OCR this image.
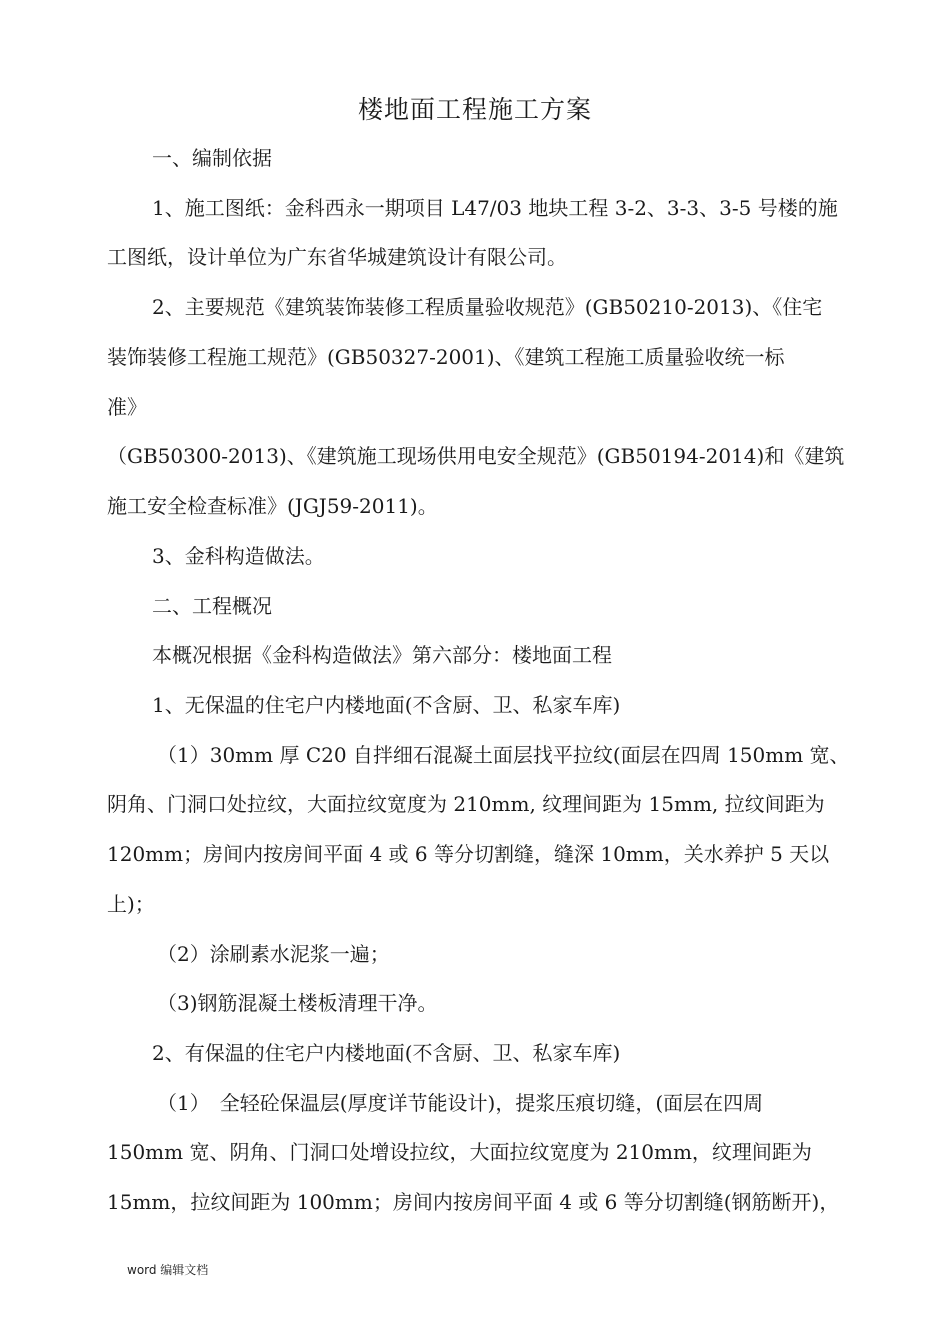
楼地面工程施工方案
一、编制依据
1、施工图纸：金科西永一期项目 L47/03 地块工程 3-2、3-3、3-5 号楼的施
工图纸，设计单位为广东省华城建筑设计有限公司。
2、主要规范《建筑装饰装修工程质量验收规范》(GB50210-2013)、《住宅
装饰装修工程施工规范》(GB50327-2001)、《建筑工程施工质量验收统一标
准》
（GB50300-2013)、《建筑施工现场供用电安全规范》(GB50194-2014)和《建筑
施工安全检查标准》(JGJ59-2011)。
3、金科构造做法。
二、工程概况
本概况根据《金科构造做法》第六部分：楼地面工程
1、无保温的住宅户内楼地面(不含厨、卫、私家车库)
（1）30mm 厚 C20 自拌细石混凝土面层找平拉纹(面层在四周 150mm 宽、
阴角、门洞口处拉纹，大面拉纹宽度为 210mm, 纹理间距为 15mm, 拉纹间距为
120mm；房间内按房间平面 4 或 6 等分切割缝，缝深 10mm，关水养护 5 天以
上)；
（2）涂刷素水泥浆一遍；
（3)钢筋混凝土楼板清理干净。
2、有保温的住宅户内楼地面(不含厨、卫、私家车库)
（1）　全轻砼保温层(厚度详节能设计)，提浆压痕切缝，(面层在四周
150mm 宽、阴角、门洞口处增设拉纹，大面拉纹宽度为 210mm，纹理间距为
15mm，拉纹间距为 100mm；房间内按房间平面 4 或 6 等分切割缝(钢筋断开)，
word 编辑文档
